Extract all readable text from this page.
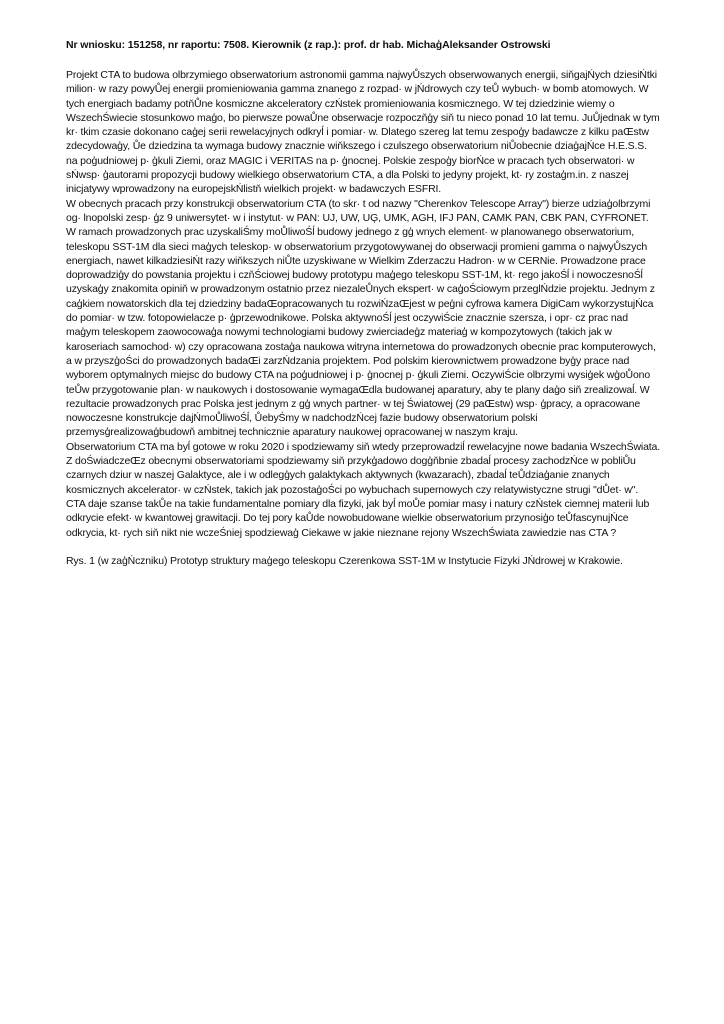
Nr wniosku: 151258, nr raportu: 7508. Kierownik (z rap.): prof. dr hab. MichaģAleksander Ostrowski

Projekt CTA to budowa olbrzymiego obserwatorium astronomii gamma najwyŮszych obserwowanych energii, siňgajŃych dziesiŃtki milion· w razy powyŮej energii promieniowania gamma znanego z rozpad· w jŃdrowych czy teŮ wybuch· w bomb atomowych. W tych energiach badamy potňŮne kosmiczne akceleratory czŃstek promieniowania kosmicznego. W tej dziedzinie wiemy o WszechŚwiecie stosunkowo maģo, bo pierwsze powaŮne obserwacje rozpoczňģy siň tu nieco ponad 10 lat temu. JuŮjednak w tym kr· tkim czasie dokonano caģej serii rewelacyjnych odkryĺ i pomiar· w. Dlatego szereg lat temu zespoģy badawcze z kilku paŒstw zdecydowaģy, Ůe dziedzina ta wymaga budowy znacznie wiňkszego i czulszego obserwatorium niŮobecnie dziaģajŃce H.E.S.S. na poģudniowej p· ģkuli Ziemi, oraz MAGIC i VERITAS na p· ģnocnej. Polskie zespoģy biorŃce w pracach tych obserwatori· w sŃwsp· ģautorami propozycji budowy wielkiego obserwatorium CTA, a dla Polski to jedyny projekt, kt· ry zostaģm.in. z naszej inicjatywy wprowadzony na europejskŃlistň wielkich projekt· w badawczych ESFRI.

W obecnych pracach przy konstrukcji obserwatorium CTA (to skr· t od nazwy "Cherenkov Telescope Array") bierze udziaģolbrzymi og· lnopolski zesp· ģz 9 uniwersytet· w i instytut· w PAN: UJ, UW, UĢ, UMK, AGH, IFJ PAN, CAMK PAN, CBK PAN, CYFRONET. W ramach prowadzonych prac uzyskaliŚmy moŮliwoŚĺ budowy jednego z gģ wnych element· w planowanego obserwatorium, teleskopu SST-1M dla sieci maģych teleskop· w obserwatorium przygotowywanej do obserwacji promieni gamma o najwyŮszych energiach, nawet kilkadziesiŃt razy wiňkszych niŮte uzyskiwane w Wielkim Zderzaczu Hadron· w w CERNie. Prowadzone prace doprowadziģy do powstania projektu i czňŚciowej budowy prototypu maģego teleskopu SST-1M, kt· rego jakoŚĺ i nowoczesnoŚĺ uzyskaģy znakomita opiniň w prowadzonym ostatnio przez niezaleŮnych ekspert· w caģoŚciowym przeglŃdzie projektu. Jednym z caģkiem nowatorskich dla tej dziedziny badaŒopracowanych tu rozwiŃzaŒjest w peģni cyfrowa kamera DigiCam wykorzystujŃca do pomiar· w tzw. fotopowielacze p· ģprzewodnikowe. Polska aktywnoŚĺ jest oczywiŚcie znacznie szersza, i opr· cz prac nad maģym teleskopem zaowocowaģa nowymi technologiami budowy zwierciadeģz materiaģ w kompozytowych (takich jak w karoseriach samochod· w) czy opracowana zostaģa naukowa witryna internetowa do prowadzonych obecnie prac komputerowych, a w przyszģoŚci do prowadzonych badaŒi zarzŃdzania projektem. Pod polskim kierownictwem prowadzone byģy prace nad wyborem optymalnych miejsc do budowy CTA na poģudniowej i p· ģnocnej p· ģkuli Ziemi. OczywiŚcie olbrzymi wysiģek wģoŮono teŮw przygotowanie plan· w naukowych i dostosowanie wymagaŒdla budowanej aparatury, aby te plany daģo siň zrealizowaĺ. W rezultacie prowadzonych prac Polska jest jednym z gģ wnych partner· w tej Światowej (29 paŒstw) wsp· ģpracy, a opracowane nowoczesne konstrukcje dajŃmoŮliwoŚĺ, ŮebyŚmy w nadchodzŃcej fazie budowy obserwatorium polski przemysģrealizowaģbudowň ambitnej technicznie aparatury naukowej opracowanej w naszym kraju.

Obserwatorium CTA ma byĺ gotowe w roku 2020 i spodziewamy siň wtedy przeprowadziĺ rewelacyjne nowe badania WszechŚwiata. Z doŚwiadczeŒz obecnymi obserwatoriami spodziewamy siň przykģadowo dogģňbnie zbadaĺ procesy zachodzŃce w pobliŮu czarnych dziur w naszej Galaktyce, ale i w odlegģych galaktykach aktywnych (kwazarach), zbadaĺ teŮdziaģanie znanych kosmicznych akcelerator· w czŃstek, takich jak pozostaģoŚci po wybuchach supernowych czy relatywistyczne strugi "dŮet· w". CTA daje szanse takŮe na takie fundamentalne pomiary dla fizyki, jak byĺ moŮe pomiar masy i natury czŃstek ciemnej materii lub odkrycie efekt· w kwantowej grawitacji. Do tej pory kaŮde nowobudowane wielkie obserwatorium przynosiģo teŮfascynujŃce odkrycia, kt· rych siň nikt nie wczeŚniej spodziewaģ Ciekawe w jakie nieznane rejony WszechŚwiata zawiedzie nas CTA ?

Rys. 1 (w zaģŃczniku) Prototyp struktury maģego teleskopu Czerenkowa SST-1M w Instytucie Fizyki JŃdrowej w Krakowie.
